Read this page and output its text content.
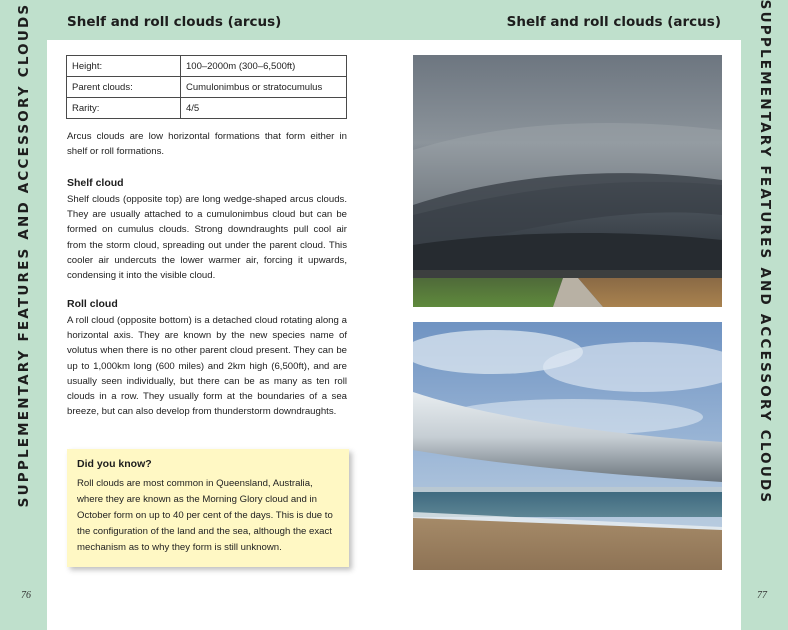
SUPPLEMENTARY FEATURES AND ACCESSORY CLOUDS	SUPPLEMENTARY FEATURES AND ACCESSORY CLOUDS
Shelf and roll clouds (arcus)	Shelf and roll clouds (arcus)
Height:	100–2000m (300–6,500ft)
Parent clouds:	Cumulonimbus or stratocumulus
Rarity:	4/5

Arcus clouds are low horizontal formations that form either in shelf or roll formations.

Shelf cloud

Shelf clouds (opposite top) are long wedge-shaped arcus clouds. They are usually attached to a cumulonimbus cloud but can be formed on cumulus clouds. Strong downdraughts pull cool air from the storm cloud, spreading out under the parent cloud. This cooler air undercuts the lower warmer air, forcing it upwards, condensing it into the visible cloud.

Roll cloud

A roll cloud (opposite bottom) is a detached cloud rotating along a horizontal axis. They are known by the new species name of volutus when there is no other parent cloud present. They can be up to 1,000km long (600 miles) and 2km high (6,500ft), and are usually seen individually, but there can be as many as ten roll clouds in a row. They usually form at the boundaries of a sea breeze, but can also develop from thunderstorm downdraughts.

Did you know?
Roll clouds are most common in Queensland, Australia, where they are known as the Morning Glory cloud and in October form on up to 40 per cent of the days. This is due to the configuration of the land and the sea, although the exact mechanism as to why they form is still unknown.
76	77
